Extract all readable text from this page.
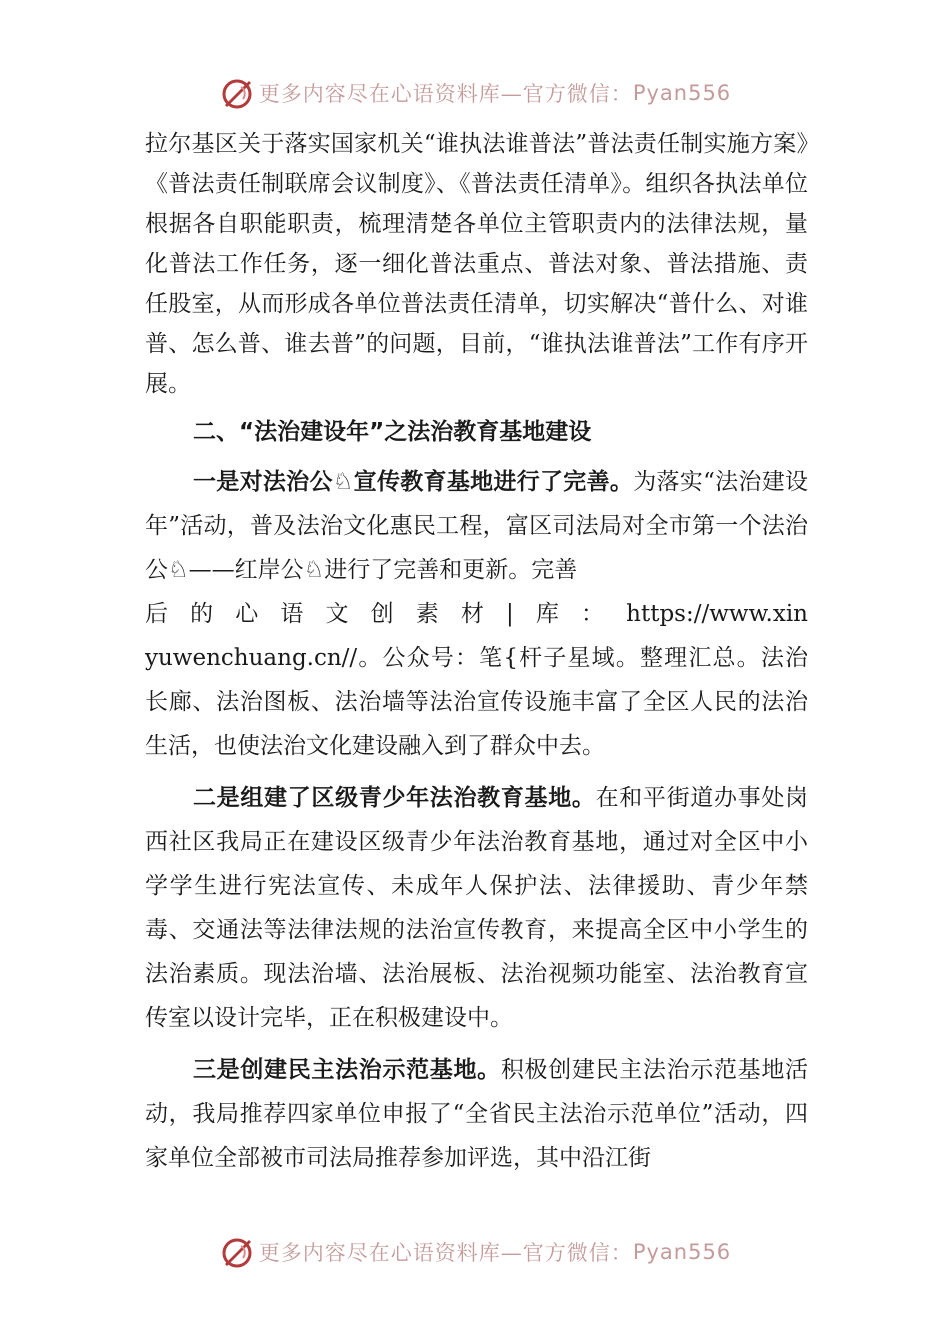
更多内容尽在心语资料库—官方微信： Pyan556

拉尔基区关于落实国家机关“谁执法谁普法”普法责任制实施方案》《普法责任制联席会议制度》、《普法责任清单》。组织各执法单位根据各自职能职责，梳理清楚各单位主管职责内的法律法规，量化普法工作任务，逐一细化普法重点、普法对象、普法措施、责任股室，从而形成各单位普法责任清单，切实解决“普什么、对谁普、怎么普、谁去普”的问题，目前，“谁执法谁普法”工作有序开展。

二、“法治建设年”之法治教育基地建设

一是对法治公♘宣传教育基地进行了完善。为落实“法治建设年”活动，普及法治文化惠民工程，富区司法局对全市第一个法治公♘——红岸公♘进行了完善和更新。完善
后的心语文创素材|库：https://www.xinyuwenchuang.cn//。公众号：笔{杆子星域。整理汇总。法治长廊、法治图板、法治墙等法治宣传设施丰富了全区人民的法治生活，也使法治文化建设融入到了群众中去。

二是组建了区级青少年法治教育基地。在和平街道办事处岗西社区我局正在建设区级青少年法治教育基地，通过对全区中小学学生进行宪法宣传、未成年人保护法、法律援助、青少年禁毒、交通法等法律法规的法治宣传教育，来提高全区中小学生的法治素质。现法治墙、法治展板、法治视频功能室、法治教育宣传室以设计完毕，正在积极建设中。

三是创建民主法治示范基地。积极创建民主法治示范基地活动，我局推荐四家单位申报了“全省民主法治示范单位”活动，四家单位全部被市司法局推荐参加评选，其中沿江街

更多内容尽在心语资料库—官方微信： Pyan556
